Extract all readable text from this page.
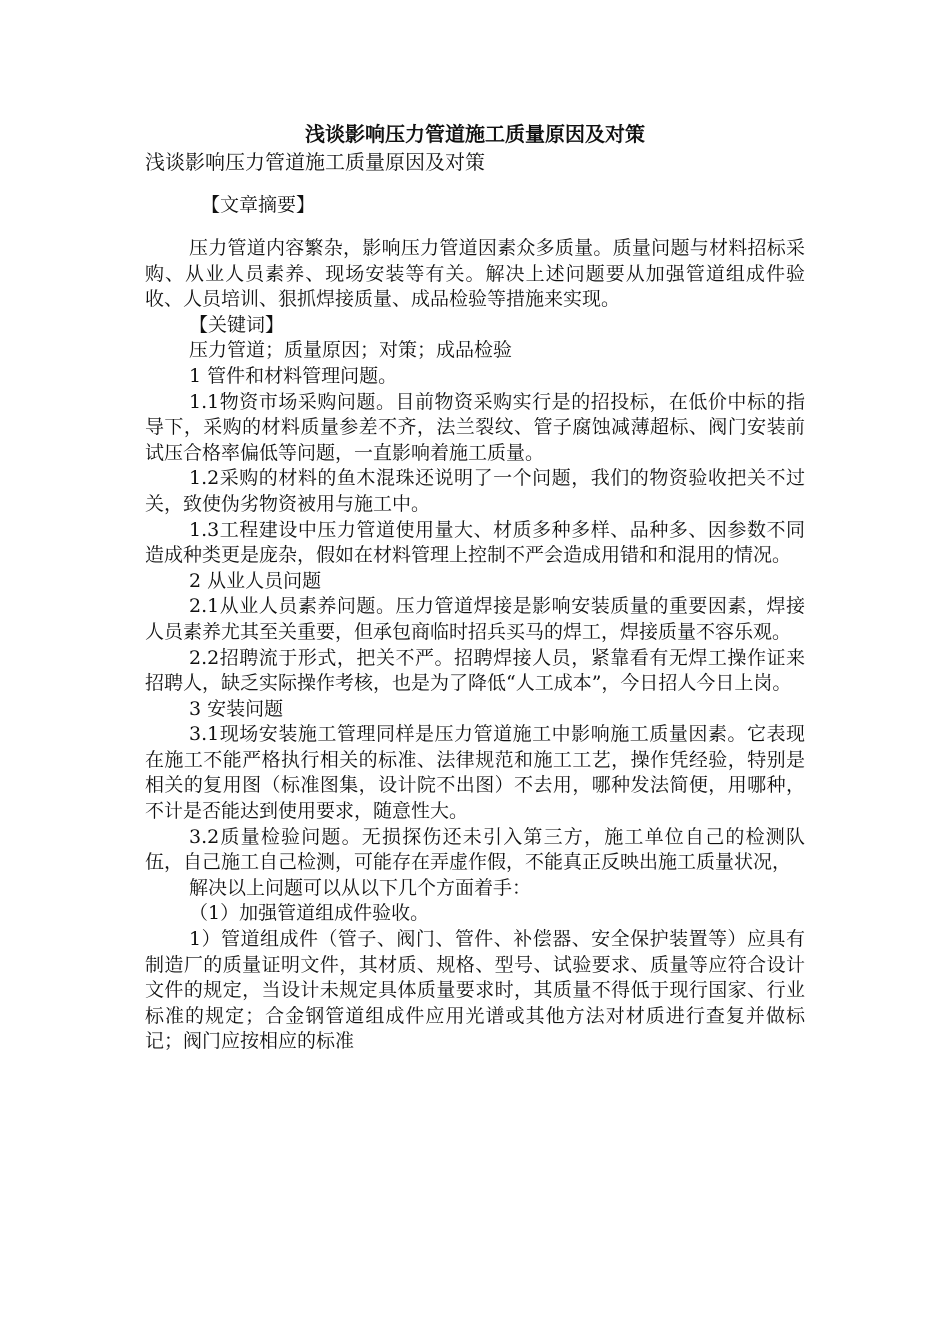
浅谈影响压力管道施工质量原因及对策
浅谈影响压力管道施工质量原因及对策
【文章摘要】

压力管道内容繁杂，影响压力管道因素众多质量。质量问题与材料招标采购、从业人员素养、现场安装等有关。解决上述问题要从加强管道组成件验收、人员培训、狠抓焊接质量、成品检验等措施来实现。

【关键词】

压力管道；质量原因；对策；成品检验

1 管件和材料管理问题。

1.1物资市场采购问题。目前物资采购实行是的招投标，在低价中标的指导下，采购的材料质量参差不齐，法兰裂纹、管子腐蚀减薄超标、阀门安装前试压合格率偏低等问题，一直影响着施工质量。

1.2采购的材料的鱼木混珠还说明了一个问题，我们的物资验收把关不过关，致使伪劣物资被用与施工中。

1.3工程建设中压力管道使用量大、材质多种多样、品种多、因参数不同造成种类更是庞杂，假如在材料管理上控制不严会造成用错和和混用的情况。

2 从业人员问题

2.1从业人员素养问题。压力管道焊接是影响安装质量的重要因素，焊接人员素养尤其至关重要，但承包商临时招兵买马的焊工，焊接质量不容乐观。

2.2招聘流于形式，把关不严。招聘焊接人员，紧靠看有无焊工操作证来招聘人，缺乏实际操作考核，也是为了降低“人工成本”，今日招人今日上岗。

3 安装问题

3.1现场安装施工管理同样是压力管道施工中影响施工质量因素。它表现在施工不能严格执行相关的标准、法律规范和施工工艺，操作凭经验，特别是相关的复用图（标准图集，设计院不出图）不去用，哪种发法简便，用哪种，不计是否能达到使用要求，随意性大。

3.2质量检验问题。无损探伤还未引入第三方，施工单位自己的检测队伍，自己施工自己检测，可能存在弄虚作假，不能真正反映出施工质量状况，

解决以上问题可以从以下几个方面着手：

（1）加强管道组成件验收。

1）管道组成件（管子、阀门、管件、补偿器、安全保护装置等）应具有制造厂的质量证明文件，其材质、规格、型号、试验要求、质量等应符合设计文件的规定，当设计未规定具体质量要求时，其质量不得低于现行国家、行业标准的规定；合金钢管道组成件应用光谱或其他方法对材质进行查复并做标记；阀门应按相应的标准
